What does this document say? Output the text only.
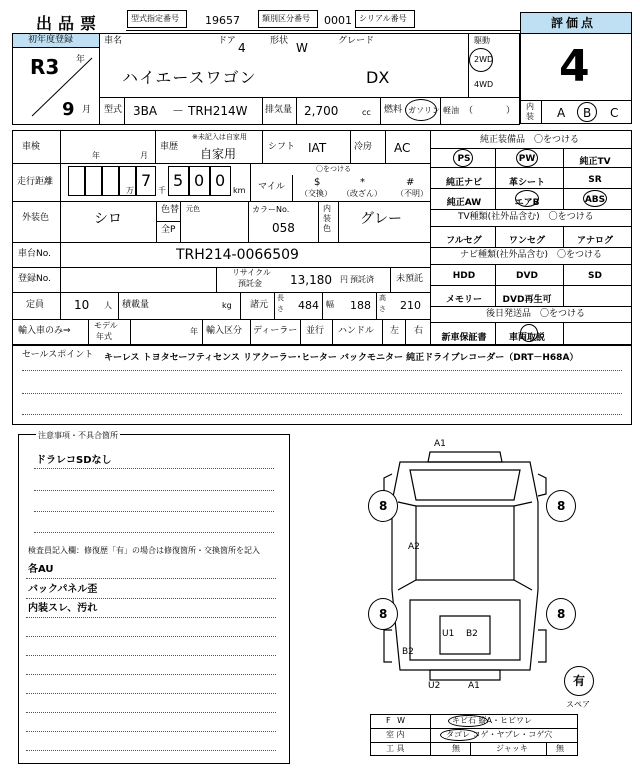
出品票	型式指定番号 19657	類別区分番号 0001 シリアル番号	評価点
4
内
装 A B C
初年度登録
R3 年
9 月
車名	ドア 4	形状 W	グレード
ハイエースワゴン	DX
駆動
2WD
4WD
型式 3BA － TRH214W 排気量 2,700	cc 燃料 ガソリン 軽油 （	）
車検
年	月
※未記入は自家用
車歴 自家用	シフト IAT	冷房 AC
走行距離
万
7
千
5 0 0
km
〇をつける
マイル	$
（交換）
*
（改ざん）
#
（不明）
外装色	シロ
色替 元色
全P
カラーNo.
058
内
装
色
グレー
車台No.	TRH214-0066509
登録No.
リサイクル
預託金 13,180 円 預託済 未預託
定員 10 人 積載量	kg 諸元
長
さ 484 幅 188
高
さ 210
輸入車のみ⇒
モデル
年式
年 輸入区分 ディーラー 並行 ハンドル 左 右
純正装備品　〇をつける
PS	PW	純正TV
純正ナビ	革シート	SR
純正AW	エアB	ABS
TV種類(社外品含む)　〇をつける
フルセグ	ワンセグ	アナログ
ナビ種類(社外品含む)　〇をつける
HDD	DVD	SD
メモリー	DVD再生可
後日発送品　〇をつける
新車保証書	車両取説
セールスポイント キーレス トヨタセーフティセンス リアクーラー･ヒーター バックモニター 純正ドライブレコーダー（DRT－H68A）
注意事項・不具合箇所
ドラレコSDなし
検査員記入欄：修復歴「有」の場合は修復箇所・交換箇所を記入
各AU
バックパネル歪
内装スレ、汚れ
A1
A2
B2
U1 B2
U2	A1
8	8
8	8
有
スペア
F W	キビ石 縦A・ヒビワレ
室 内	タゴレ コゲ・ヤブレ・コゲ穴
工 具	無	ジャッキ	無
